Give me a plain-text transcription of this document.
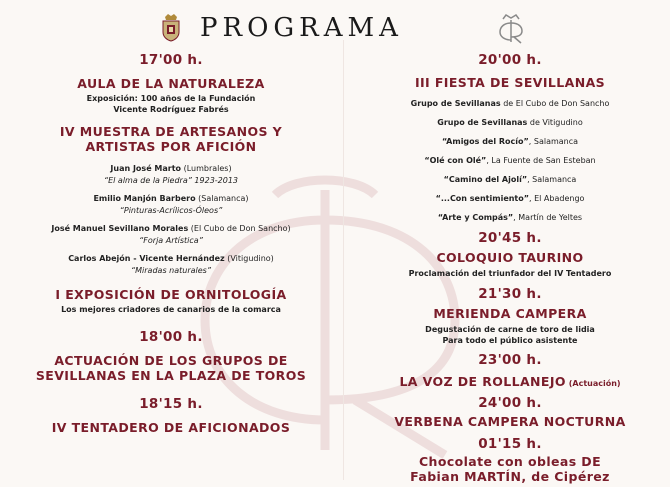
PROGRAMA
17'00 h.
AULA DE LA NATURALEZA
Exposición: 100 años de la Fundación
Vicente Rodríguez Fabrés
IV MUESTRA DE ARTESANOS Y
ARTISTAS POR AFICIÓN
Juan José Marto (Lumbrales)
“El alma de la Piedra” 1923-2013
Emilio Manjón Barbero (Salamanca)
“Pinturas-Acrílicos-Óleos”
José Manuel Sevillano Morales (El Cubo de Don Sancho)
“Forja Artística”
Carlos Abejón - Vicente Hernández (Vitigudino)
“Miradas naturales”
I EXPOSICIÓN DE ORNITOLOGÍA
Los mejores criadores de canarios de la comarca
18'00 h.
ACTUACIÓN DE LOS GRUPOS DE
SEVILLANAS EN LA PLAZA DE TOROS
18'15 h.
IV TENTADERO DE AFICIONADOS
20'00 h.
III FIESTA DE SEVILLANAS
Grupo de Sevillanas de El Cubo de Don Sancho
Grupo de Sevillanas de Vitigudino
“Amigos del Rocío”, Salamanca
“Olé con Olé”, La Fuente de San Esteban
“Camino del Ajolí”, Salamanca
“...Con sentimiento”, El Abadengo
“Arte y Compás”, Martín de Yeltes
20'45 h.
COLOQUIO TAURINO
Proclamación del triunfador del IV Tentadero
21'30 h.
MERIENDA CAMPERA
Degustación de carne de toro de lidia
Para todo el público asistente
23'00 h.
LA VOZ DE ROLLANEJO (Actuación)
24'00 h.
VERBENA CAMPERA NOCTURNA
01'15 h.
Chocolate con obleas DE
Fabian MARTÍN, de Cipérez
